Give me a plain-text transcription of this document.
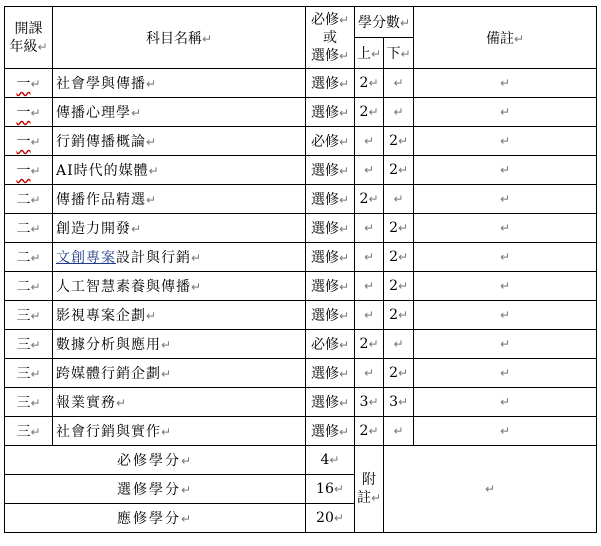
開課
年級↵	科目名稱↵	必修↵
或
選修↵	學分數↵		備註↵
			上↵	下↵	
一↵	社會學與傳播↵	選修↵	2↵	↵	↵
一↵	傳播心理學↵	選修↵	2↵	↵	↵
一↵	行銷傳播概論↵	必修↵	↵	2↵	↵
一↵	AI時代的媒體↵	選修↵	↵	2↵	↵
二↵	傳播作品精選↵	選修↵	2↵	↵	↵
二↵	創造力開發↵	選修↵	↵	2↵	↵
二↵	文創專案設計與行銷↵	選修↵	↵	2↵	↵
二↵	人工智慧素養與傳播↵	選修↵	↵	2↵	↵
三↵	影視專案企劃↵	選修↵	↵	2↵	↵
三↵	數據分析與應用↵	必修↵	2↵	↵	↵
三↵	跨媒體行銷企劃↵	選修↵	↵	2↵	↵
三↵	報業實務↵	選修↵	3↵	3↵	↵
三↵	社會行銷與實作↵	選修↵	2↵	↵	↵
必修學分↵		4↵	附
註↵	↵	
選修學分↵		16↵			
應修學分↵		20↵			
